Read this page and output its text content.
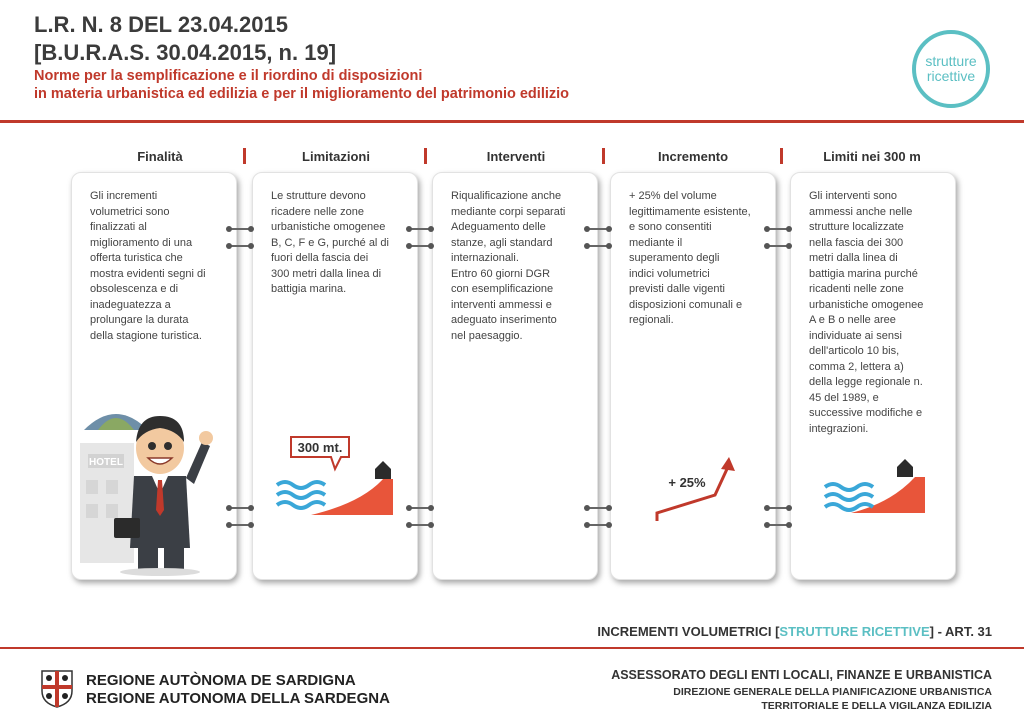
L.R. N. 8 DEL 23.04.2015
[B.U.R.A.S. 30.04.2015, n. 19]
Norme per la semplificazione e il riordino di disposizioni
in materia urbanistica ed edilizia e per il miglioramento del patrimonio edilizio
strutture
ricettive
Finalità	Limitazioni	Interventi	Incremento	Limiti nei 300 m
Gli incrementi
volumetrici sono
finalizzati al
miglioramento di una
offerta turistica che
mostra evidenti segni di
obsolescenza e di
inadeguatezza a
prolungare la durata
della stagione turistica.
HOTEL
Le strutture devono
ricadere nelle zone
urbanistiche omogenee
B, C, F e G, purché al di
fuori della fascia dei
300 metri dalla linea di
battigia marina.
300 mt.
Riqualificazione anche
mediante corpi separati
Adeguamento delle
stanze, agli standard
internazionali.
Entro 60 giorni DGR
con esemplificazione
interventi ammessi e
adeguato inserimento
nel paesaggio.
+ 25% del volume
legittimamente esistente,
e sono consentiti
mediante il
superamento degli
indici volumetrici
previsti dalle vigenti
disposizioni comunali e
regionali.
+ 25%
Gli interventi sono
ammessi anche nelle
strutture localizzate
nella fascia dei 300
metri dalla linea di
battigia marina purché
ricadenti nelle zone
urbanistiche omogenee
A e B o nelle aree
individuate ai sensi
dell'articolo 10 bis,
comma 2, lettera a)
della legge regionale n.
45 del 1989, e
successive modifiche e
integrazioni.
INCREMENTI VOLUMETRICI [STRUTTURE RICETTIVE] - ART. 31
REGIONE AUTÒNOMA DE SARDIGNA
REGIONE AUTONOMA DELLA SARDEGNA
ASSESSORATO DEGLI ENTI LOCALI, FINANZE E URBANISTICA
DIREZIONE GENERALE DELLA PIANIFICAZIONE URBANISTICA
TERRITORIALE E DELLA VIGILANZA EDILIZIA
